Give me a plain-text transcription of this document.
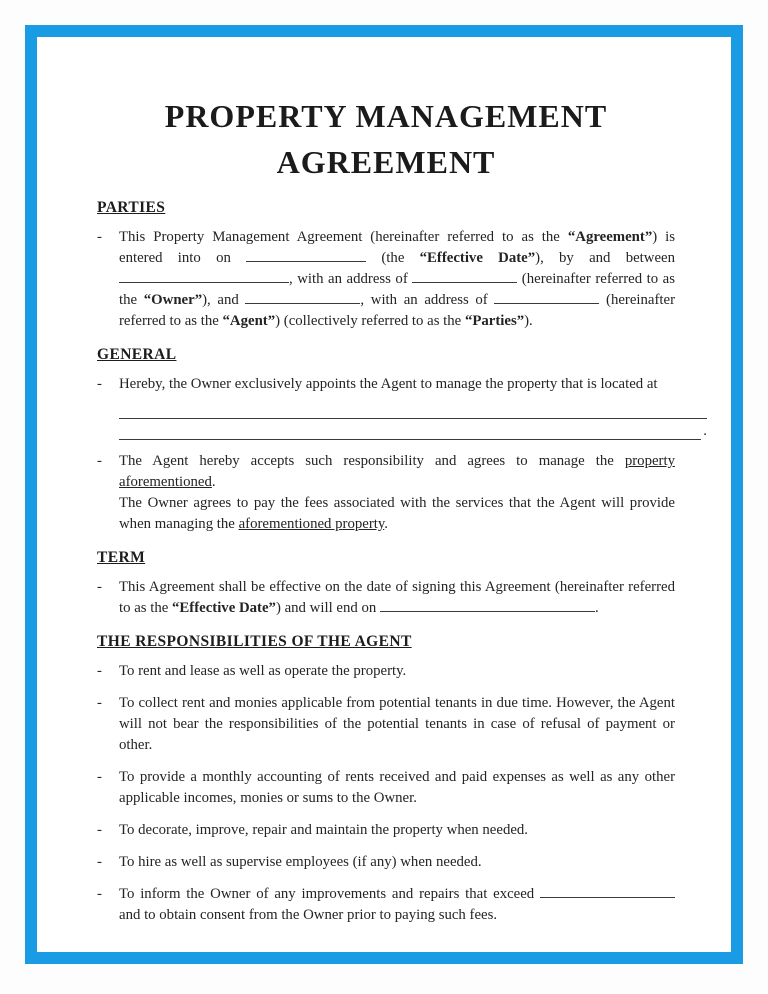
PROPERTY MANAGEMENT AGREEMENT
PARTIES
-	This Property Management Agreement (hereinafter referred to as the “Agreement”) is entered into on	(the “Effective Date”), by and between , with an address of	(hereinafter referred to as the “Owner”), and	, with an address of	(hereinafter referred to as the “Agent”) (collectively referred to as the “Parties”).
GENERAL
-	Hereby, the Owner exclusively appoints the Agent to manage the property that is located at
.
-	The Agent hereby accepts such responsibility and agrees to manage the property aforementioned.
The Owner agrees to pay the fees associated with the services that the Agent will provide when managing the aforementioned property.
TERM
-	This Agreement shall be effective on the date of signing this Agreement (hereinafter referred to as the “Effective Date”) and will end on	.
THE RESPONSIBILITIES OF THE AGENT
-	To rent and lease as well as operate the property.
-	To collect rent and monies applicable from potential tenants in due time. However, the Agent will not bear the responsibilities of the potential tenants in case of refusal of payment or other.
-	To provide a monthly accounting of rents received and paid expenses as well as any other applicable incomes, monies or sums to the Owner.
-	To decorate, improve, repair and maintain the property when needed.
-	To hire as well as supervise employees (if any) when needed.
-	To inform the Owner of any improvements and repairs that exceed  and to obtain consent from the Owner prior to paying such fees.
